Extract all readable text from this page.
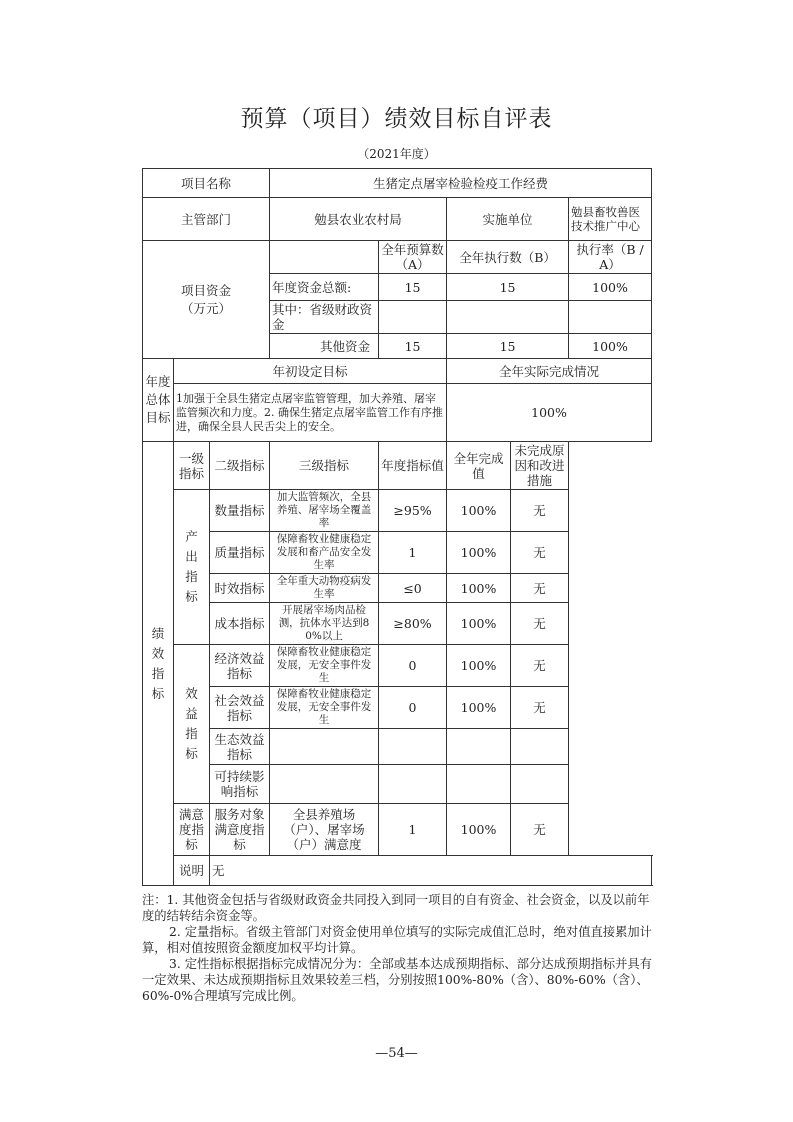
预算（项目）绩效目标自评表
（2021年度）
项目名称			生猪定点屠宰检验检疫工作经费				
主管部门			勉县农业农村局		实施单位		勉县畜牧兽医技术推广中心
项目资金（万元）				全年预算数（A）	全年执行数（B）		执行率（B / A）
			年度资金总额:	15	15		100%
			其中：省级财政资金				
			其他资金	15	15		100%
年度总体目标	年初设定目标				全年实际完成情况		
	1加强于全县生猪定点屠宰监管管理，加大养殖、屠宰监管频次和力度。2. 确保生猪定点屠宰监管工作有序推进，确保全县人民舌尖上的安全。				100%		
绩效指标	一级指标	二级指标	三级指标	年度指标值	全年完成值	未完成原因和改进措施	
	产出指标	数量指标	加大监管频次，全县养殖、屠宰场全覆盖率	≥95%	100%	无	
		质量指标	保障畜牧业健康稳定发展和畜产品安全发生率	1	100%	无	
		时效指标	全年重大动物疫病发生率	≤0	100%	无	
		成本指标	开展屠宰场肉品检测，抗体水平达到80%以上	≥80%	100%	无	
	效益指标	经济效益指标	保障畜牧业健康稳定发展，无安全事件发生	0	100%	无	
		社会效益指标	保障畜牧业健康稳定发展，无安全事件发生	0	100%	无	
		生态效益指标					
		可持续影响指标					
	满意度指标	服务对象满意度指标	全县养殖场（户）、屠宰场（户）满意度	1	100%	无	
	说明	无					

注：1. 其他资金包括与省级财政资金共同投入到同一项目的自有资金、社会资金，以及以前年度的结转结余资金等。

2. 定量指标。省级主管部门对资金使用单位填写的实际完成值汇总时，绝对值直接累加计算，相对值按照资金额度加权平均计算。

3. 定性指标根据指标完成情况分为：全部或基本达成预期指标、部分达成预期指标并具有一定效果、未达成预期指标且效果较差三档，分别按照100%-80%（含）、80%-60%（含）、60%-0%合理填写完成比例。

—54—
